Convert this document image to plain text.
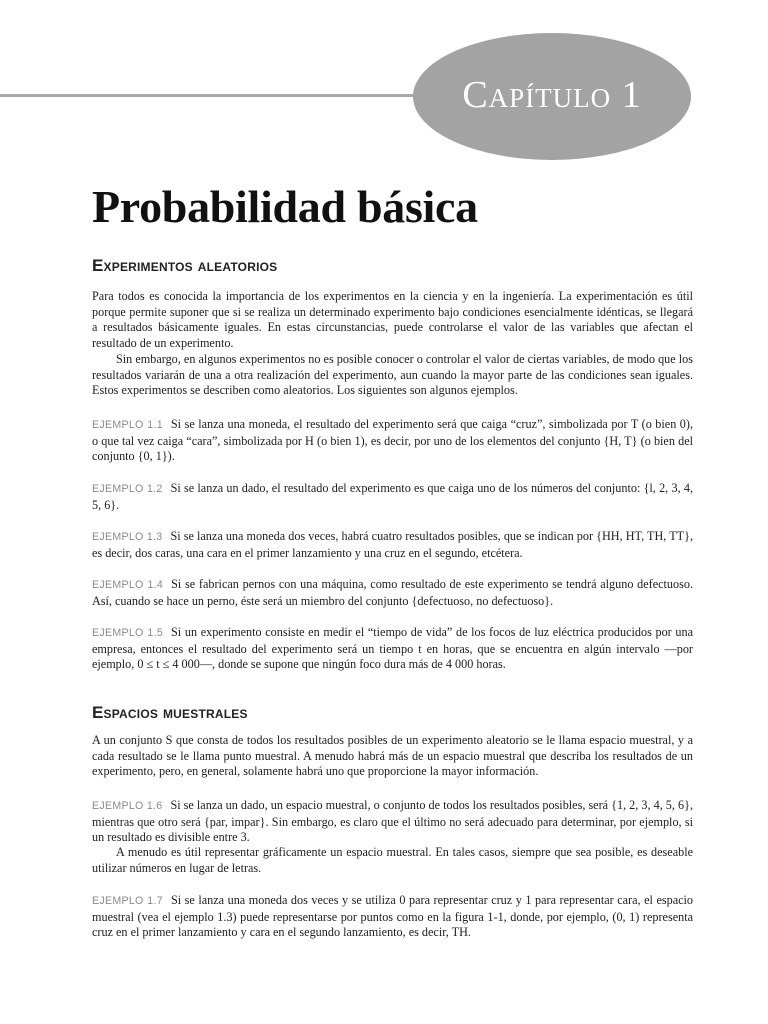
Capítulo 1
Probabilidad básica
Experimentos aleatorios

Para todos es conocida la importancia de los experimentos en la ciencia y en la ingeniería. La experimentación es útil porque permite suponer que si se realiza un determinado experimento bajo condiciones esencialmente idénticas, se llegará a resultados básicamente iguales. En estas circunstancias, puede controlarse el valor de las variables que afectan el resultado de un experimento.

Sin embargo, en algunos experimentos no es posible conocer o controlar el valor de ciertas variables, de modo que los resultados variarán de una a otra realización del experimento, aun cuando la mayor parte de las condiciones sean iguales. Estos experimentos se describen como aleatorios. Los siguientes son algunos ejemplos.

EJEMPLO 1.1 Si se lanza una moneda, el resultado del experimento será que caiga “cruz”, simbolizada por T (o bien 0), o que tal vez caiga “cara”, simbolizada por H (o bien 1), es decir, por uno de los elementos del conjunto {H, T} (o bien del conjunto {0, 1}).

EJEMPLO 1.2 Si se lanza un dado, el resultado del experimento es que caiga uno de los números del conjunto: {l, 2, 3, 4, 5, 6}.

EJEMPLO 1.3 Si se lanza una moneda dos veces, habrá cuatro resultados posibles, que se indican por {HH, HT, TH, TT}, es decir, dos caras, una cara en el primer lanzamiento y una cruz en el segundo, etcétera.

EJEMPLO 1.4 Si se fabrican pernos con una máquina, como resultado de este experimento se tendrá alguno defectuoso. Así, cuando se hace un perno, éste será un miembro del conjunto {defectuoso, no defectuoso}.

EJEMPLO 1.5 Si un experimento consiste en medir el “tiempo de vida” de los focos de luz eléctrica producidos por una empresa, entonces el resultado del experimento será un tiempo t en horas, que se encuentra en algún intervalo —por ejemplo, 0 ≤ t ≤ 4 000—, donde se supone que ningún foco dura más de 4 000 horas.

Espacios muestrales

A un conjunto S que consta de todos los resultados posibles de un experimento aleatorio se le llama espacio muestral, y a cada resultado se le llama punto muestral. A menudo habrá más de un espacio muestral que describa los resultados de un experimento, pero, en general, solamente habrá uno que proporcione la mayor información.

EJEMPLO 1.6 Si se lanza un dado, un espacio muestral, o conjunto de todos los resultados posibles, será {1, 2, 3, 4, 5, 6}, mientras que otro será {par, impar}. Sin embargo, es claro que el último no será adecuado para determinar, por ejemplo, si un resultado es divisible entre 3.

A menudo es útil representar gráficamente un espacio muestral. En tales casos, siempre que sea posible, es deseable utilizar números en lugar de letras.

EJEMPLO 1.7 Si se lanza una moneda dos veces y se utiliza 0 para representar cruz y 1 para representar cara, el espacio muestral (vea el ejemplo 1.3) puede representarse por puntos como en la figura 1-1, donde, por ejemplo, (0, 1) representa cruz en el primer lanzamiento y cara en el segundo lanzamiento, es decir, TH.
